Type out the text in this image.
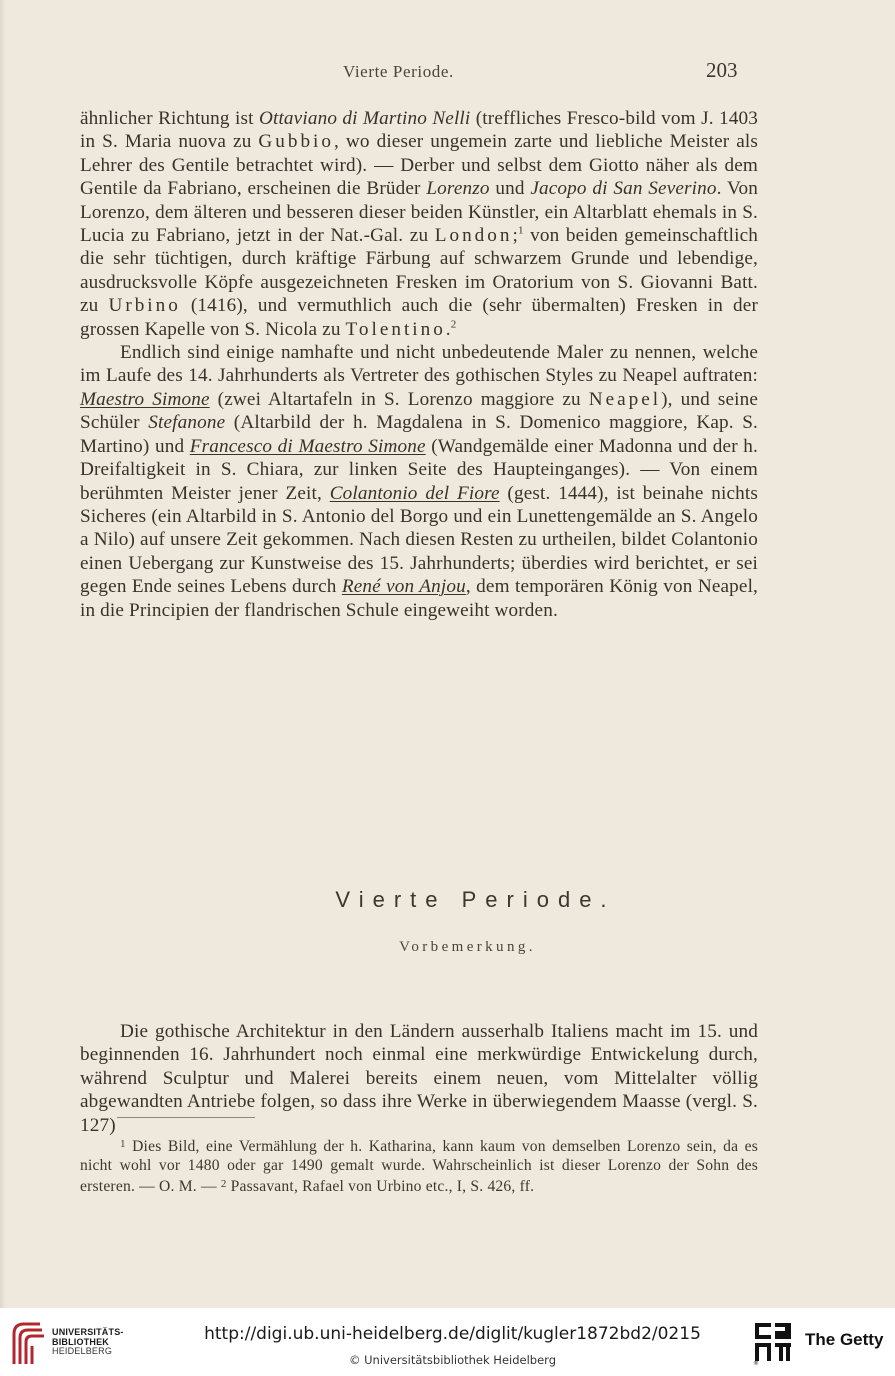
Vierte Periode.	203

ähnlicher Richtung ist Ottaviano di Martino Nelli (treffliches Fresco-bild vom J. 1403 in S. Maria nuova zu Gubbio, wo dieser ungemein zarte und liebliche Meister als Lehrer des Gentile betrachtet wird). — Derber und selbst dem Giotto näher als dem Gentile da Fabriano, erscheinen die Brüder Lorenzo und Jacopo di San Severino. Von Lorenzo, dem älteren und besseren dieser beiden Künstler, ein Altarblatt ehemals in S. Lucia zu Fabriano, jetzt in der Nat.-Gal. zu London;$^1$ von beiden gemeinschaftlich die sehr tüchtigen, durch kräftige Färbung auf schwarzem Grunde und lebendige, ausdrucksvolle Köpfe ausgezeichneten Fresken im Oratorium von S. Giovanni Batt. zu Urbino (1416), und vermuthlich auch die (sehr übermalten) Fresken in der grossen Kapelle von S. Nicola zu Tolentino.$^2$

Endlich sind einige namhafte und nicht unbedeutende Maler zu nennen, welche im Laufe des 14. Jahrhunderts als Vertreter des gothischen Styles zu Neapel auftraten: Maestro Simone (zwei Altartafeln in S. Lorenzo maggiore zu Neapel), und seine Schüler Stefanone (Altarbild der h. Magdalena in S. Domenico maggiore, Kap. S. Martino) und Francesco di Maestro Simone (Wandgemälde einer Madonna und der h. Dreifaltigkeit in S. Chiara, zur linken Seite des Haupteinganges). — Von einem berühmten Meister jener Zeit, Colantonio del Fiore (gest. 1444), ist beinahe nichts Sicheres (ein Altarbild in S. Antonio del Borgo und ein Lunettengemälde an S. Angelo a Nilo) auf unsere Zeit gekommen. Nach diesen Resten zu urtheilen, bildet Colantonio einen Uebergang zur Kunstweise des 15. Jahrhunderts; überdies wird berichtet, er sei gegen Ende seines Lebens durch René von Anjou, dem temporären König von Neapel, in die Principien der flandrischen Schule eingeweiht worden.

Vierte Periode.
Vorbemerkung.

Die gothische Architektur in den Ländern ausserhalb Italiens macht im 15. und beginnenden 16. Jahrhundert noch einmal eine merkwürdige Entwickelung durch, während Sculptur und Malerei bereits einem neuen, vom Mittelalter völlig abgewandten Antriebe folgen, so dass ihre Werke in überwiegendem Maasse (vergl. S. 127)

$^1$ Dies Bild, eine Vermählung der h. Katharina, kann kaum von demselben Lorenzo sein, da es nicht wohl vor 1480 oder gar 1490 gemalt wurde. Wahrscheinlich ist dieser Lorenzo der Sohn des ersteren. — O. M. — $^2$ Passavant, Rafael von Urbino etc., I, S. 426, ff.

UNIVERSITÄTS-
BIBLIOTHEK
HEIDELBERG
http://digi.ub.uni-heidelberg.de/diglit/kugler1872bd2/0215
© Universitätsbibliothek Heidelberg	®
The Getty
